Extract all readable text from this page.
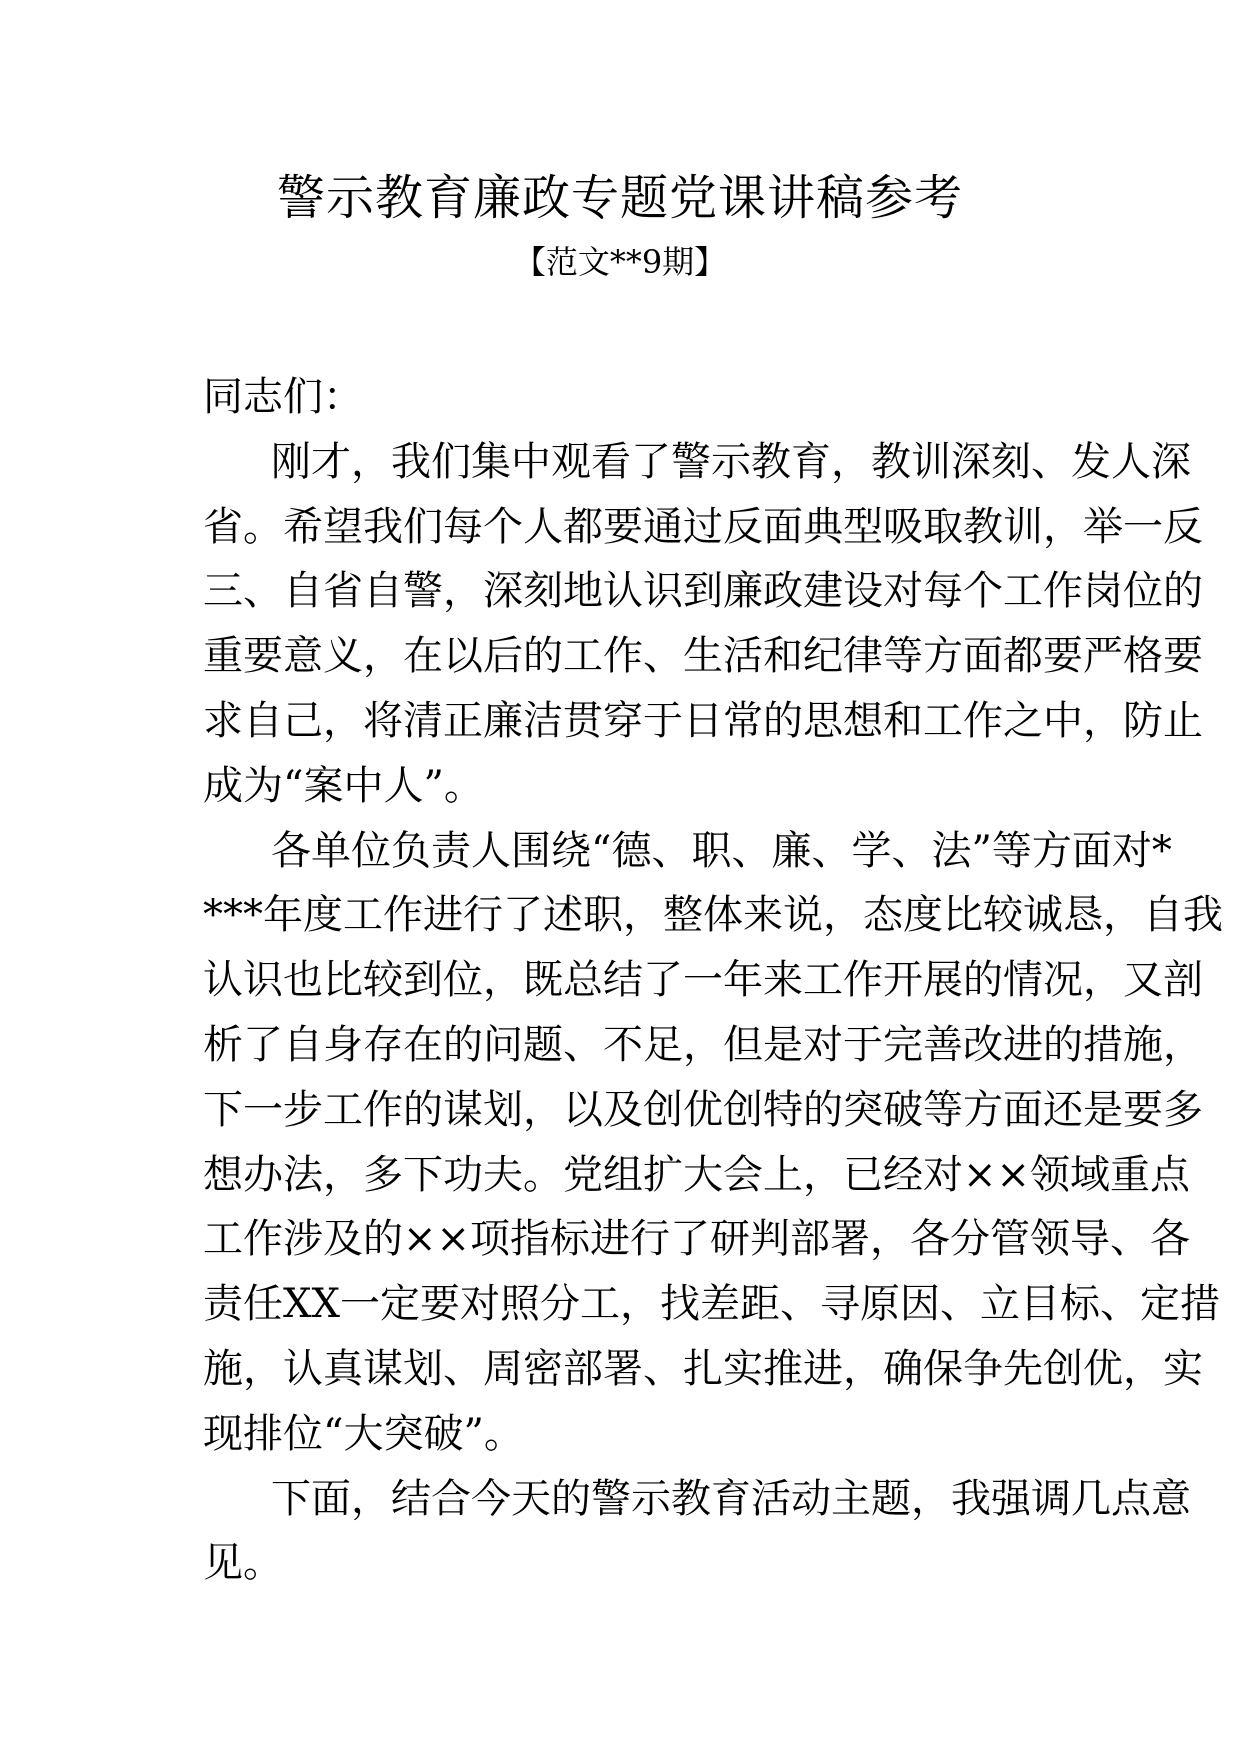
警示教育廉政专题党课讲稿参考
【范文**9期】
同志们：
刚才，我们集中观看了警示教育，教训深刻、发人深
省。希望我们每个人都要通过反面典型吸取教训，举一反
三、自省自警，深刻地认识到廉政建设对每个工作岗位的
重要意义，在以后的工作、生活和纪律等方面都要严格要
求自己，将清正廉洁贯穿于日常的思想和工作之中，防止
成为“案中人”。
各单位负责人围绕“德、职、廉、学、法”等方面对*
***年度工作进行了述职，整体来说，态度比较诚恳，自我
认识也比较到位，既总结了一年来工作开展的情况，又剖
析了自身存在的问题、不足，但是对于完善改进的措施，
下一步工作的谋划，以及创优创特的突破等方面还是要多
想办法，多下功夫。党组扩大会上，已经对××领域重点
工作涉及的××项指标进行了研判部署，各分管领导、各
责任XX一定要对照分工，找差距、寻原因、立目标、定措
施，认真谋划、周密部署、扎实推进，确保争先创优，实
现排位“大突破”。
下面，结合今天的警示教育活动主题，我强调几点意
见。
